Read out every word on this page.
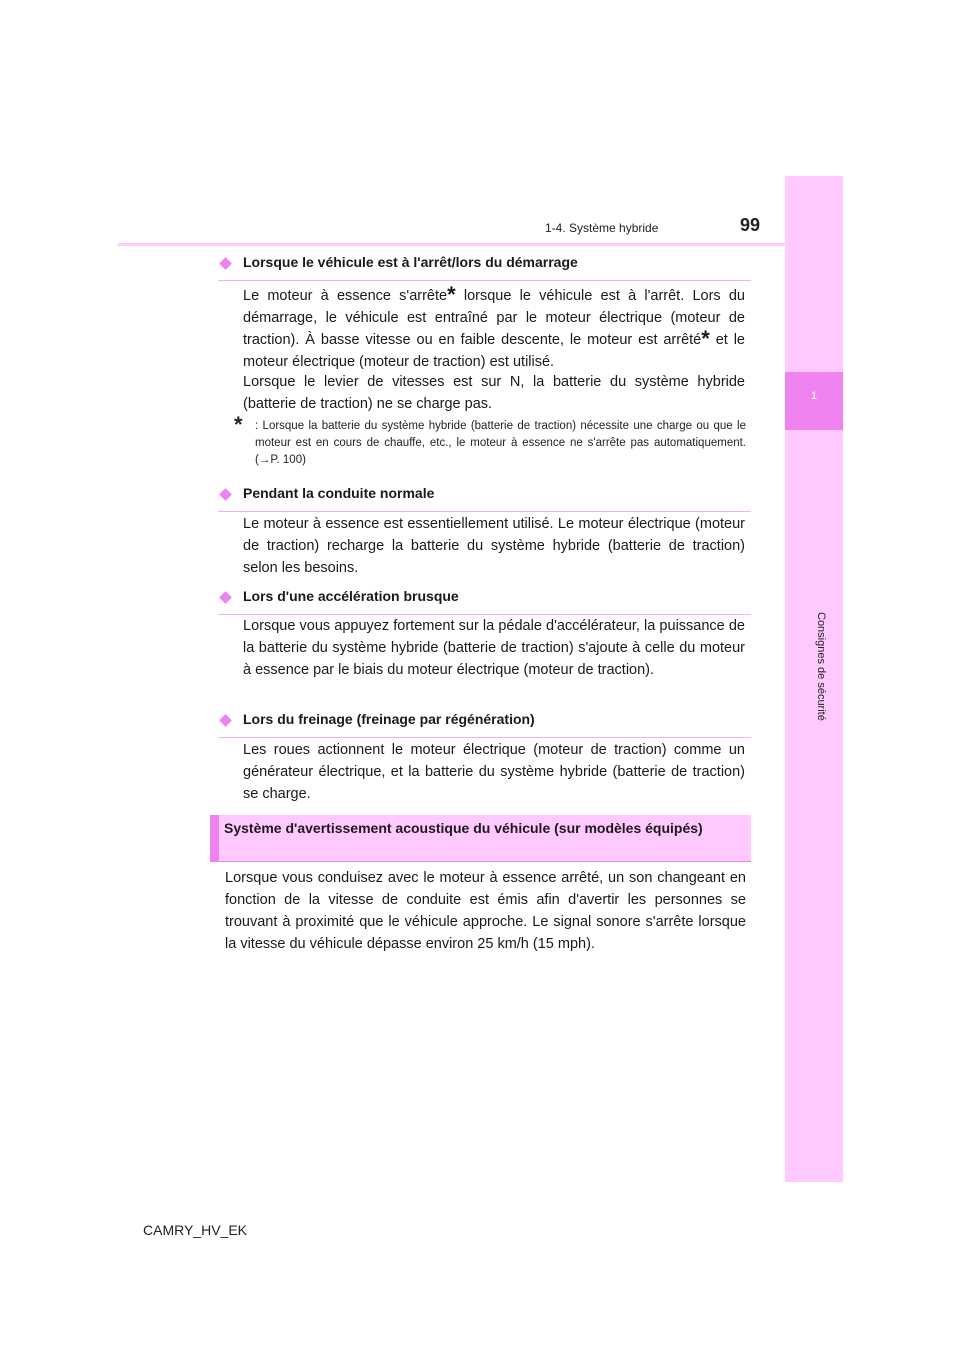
1
Consignes de sécurité
1-4. Système hybride	99
Lorsque le véhicule est à l'arrêt/lors du démarrage
Le moteur à essence s'arrête* lorsque le véhicule est à l'arrêt. Lors du démarrage, le véhicule est entraîné par le moteur électrique (moteur de traction). À basse vitesse ou en faible descente, le moteur est arrêté* et le moteur électrique (moteur de traction) est utilisé.
Lorsque le levier de vitesses est sur N, la batterie du système hybride (batterie de traction) ne se charge pas.
* : Lorsque la batterie du système hybride (batterie de traction) nécessite une charge ou que le moteur est en cours de chauffe, etc., le moteur à essence ne s'arrête pas automatiquement. (→P. 100)
Pendant la conduite normale
Le moteur à essence est essentiellement utilisé. Le moteur électrique (moteur de traction) recharge la batterie du système hybride (batterie de traction) selon les besoins.
Lors d'une accélération brusque
Lorsque vous appuyez fortement sur la pédale d'accélérateur, la puissance de la batterie du système hybride (batterie de traction) s'ajoute à celle du moteur à essence par le biais du moteur électrique (moteur de traction).
Lors du freinage (freinage par régénération)
Les roues actionnent le moteur électrique (moteur de traction) comme un générateur électrique, et la batterie du système hybride (batterie de traction) se charge.
Système d'avertissement acoustique du véhicule (sur modèles équipés)
Lorsque vous conduisez avec le moteur à essence arrêté, un son changeant en fonction de la vitesse de conduite est émis afin d'avertir les personnes se trouvant à proximité que le véhicule approche. Le signal sonore s'arrête lorsque la vitesse du véhicule dépasse environ 25 km/h (15 mph).
CAMRY_HV_EK
